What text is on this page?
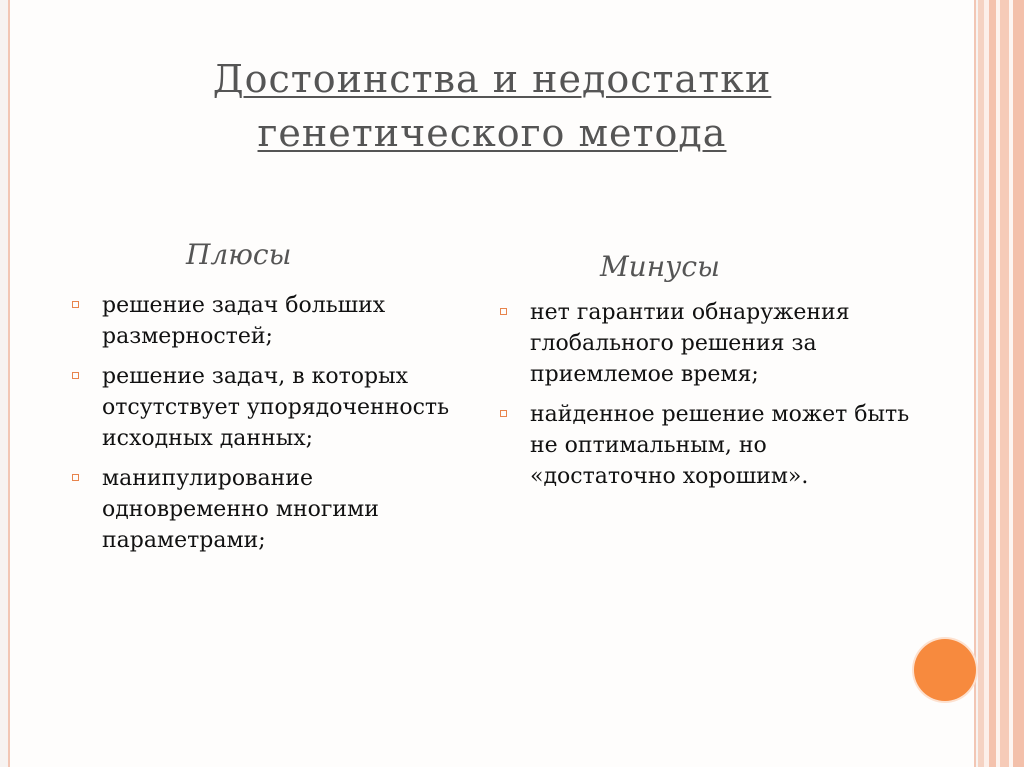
Достоинства и недостатки
генетического метода
Плюсы
решение задач больших размерностей;
решение задач, в которых отсутствует упорядоченность исходных данных;
манипулирование одновременно многими параметрами;
Минусы
нет гарантии обнаружения глобального решения за приемлемое время;
найденное решение может быть не оптимальным, но «достаточно хорошим».
